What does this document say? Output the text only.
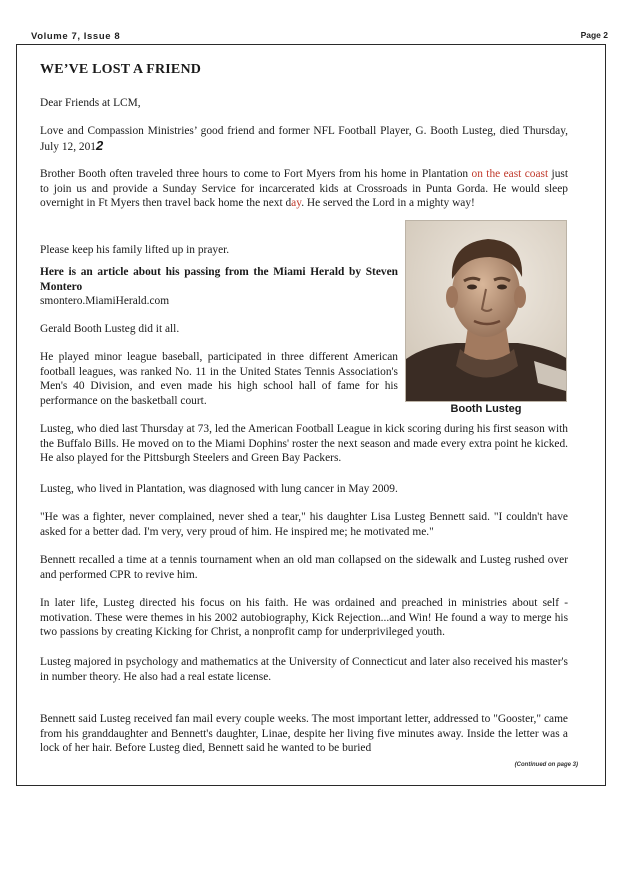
Volume 7, Issue 8	Page 2
WE’VE LOST A FRIEND

Dear Friends at LCM,

Love and Compassion Ministries’ good friend and former NFL Football Player, G. Booth Lusteg, died Thursday, July 12, 2012

Brother Booth often traveled three hours to come to Fort Myers from his home in Plantation on the east coast just to join us and provide a Sunday Service for incarcerated kids at Crossroads in Punta Gorda. He would sleep overnight in Ft Myers then travel back home the next day. He served the Lord in a mighty way!

Please keep his family lifted up in prayer.

Here is an article about his passing from the Miami Herald by Steven Montero

smontero.MiamiHerald.com

Gerald Booth Lusteg did it all.

He played minor league baseball, participated in three different American football leagues, was ranked No. 11 in the United States Tennis Association's Men's 40 Division, and even made his high school hall of fame for his performance on the basketball court.

Booth Lusteg

Lusteg, who died last Thursday at 73, led the American Football League in kick scoring during his first season with the Buffalo Bills. He moved on to the Miami Dophins' roster the next season and made every extra point he kicked. He also played for the Pittsburgh Steelers and Green Bay Packers.

Lusteg, who lived in Plantation, was diagnosed with lung cancer in May 2009.

"He was a fighter, never complained, never shed a tear," his daughter Lisa Lusteg Bennett said. "I couldn't have asked for a better dad. I'm very, very proud of him. He inspired me; he motivated me."

Bennett recalled a time at a tennis tournament when an old man collapsed on the sidewalk and Lusteg rushed over and performed CPR to revive him.

In later life, Lusteg directed his focus on his faith. He was ordained and preached in ministries about self -motivation. These were themes in his 2002 autobiography, Kick Rejection...and Win! He found a way to merge his two passions by creating Kicking for Christ, a nonprofit camp for underprivileged youth.

Lusteg majored in psychology and mathematics at the University of Connecticut and later also received his master's in number theory. He also had a real estate license.

Bennett said Lusteg received fan mail every couple weeks. The most important letter, addressed to "Gooster," came from his granddaughter and Bennett's daughter, Linae, despite her living five minutes away. Inside the letter was a lock of her hair. Before Lusteg died, Bennett said he wanted to be buried

(Continued on page 3)
